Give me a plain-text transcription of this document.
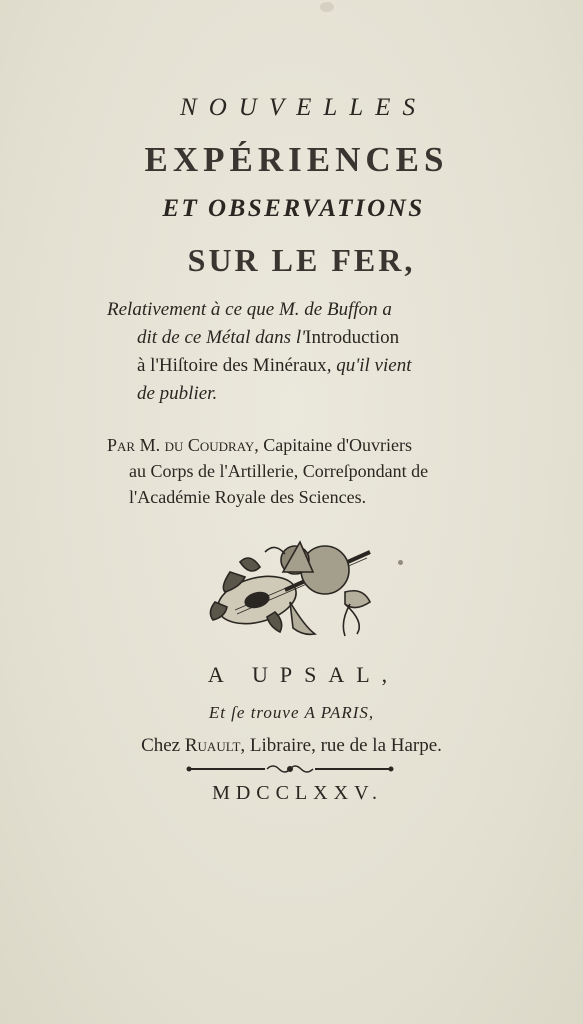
NOUVELLES
EXPÉRIENCES
ET OBSERVATIONS
SUR LE FER,
Relativement à ce que M. de Buffon a
dit de ce Métal dans l'Introduction
à l'Hiſtoire des Minéraux, qu'il vient
de publier.
Par M. du Coudray, Capitaine d'Ouvriers
au Corps de l'Artillerie, Correſpondant de
l'Académie Royale des Sciences.
A UPSAL,
Et ſe trouve A PARIS,
Chez Ruault, Libraire, rue de la Harpe.
MDCCLXXV.
